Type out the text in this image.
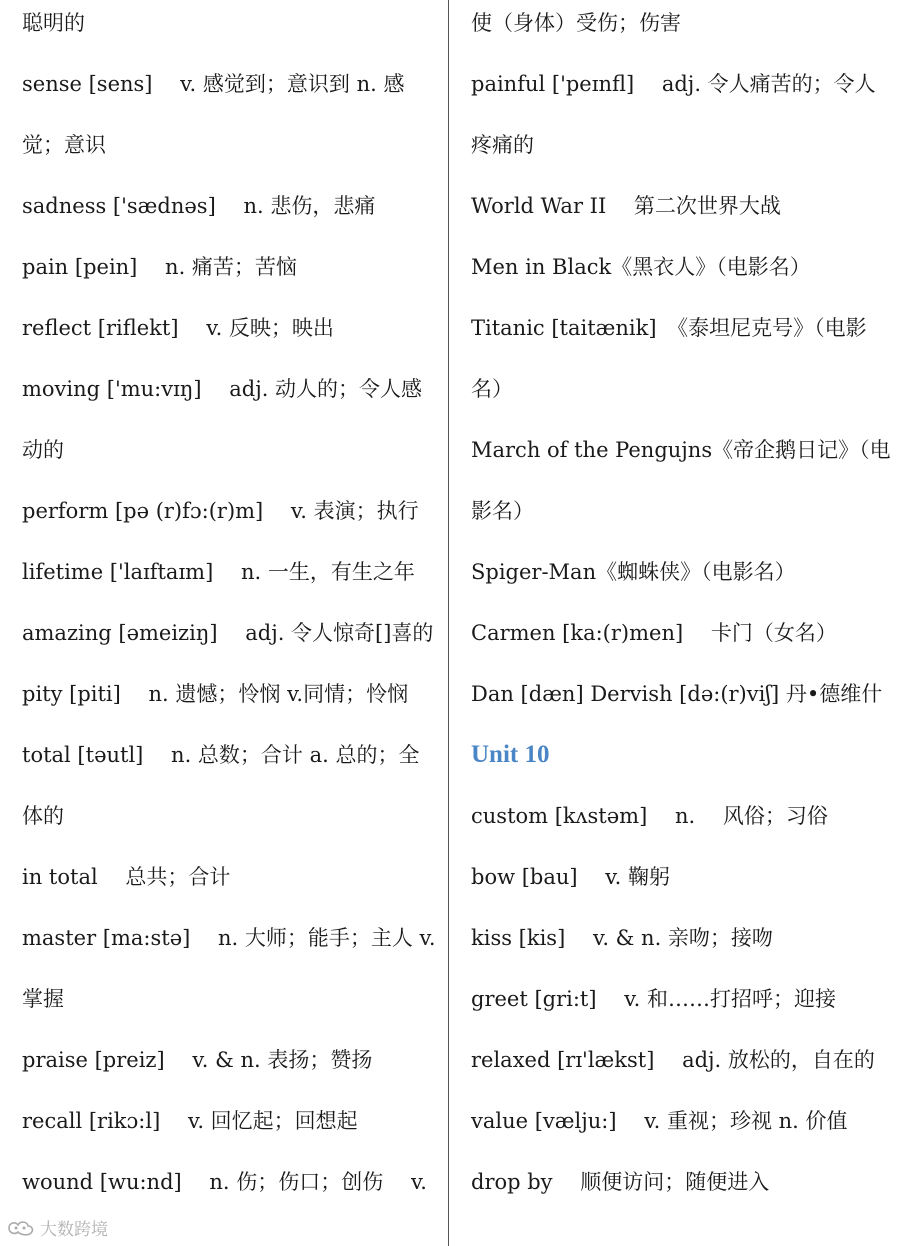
聪明的
sense [sens]　 v. 感觉到；意识到 n. 感
觉；意识
sadness ['sædnəs]　 n. 悲伤，悲痛
pain [pein]　 n. 痛苦；苦恼
reflect [riflekt]　 v. 反映；映出
moving ['mu:vɪŋ]　 adj. 动人的；令人感
动的
perform [pə (r)fɔ:(r)m]　 v. 表演；执行
lifetime ['laɪftaɪm]　 n. 一生，有生之年
amazing [əmeiziŋ]　 adj. 令人惊奇[]喜的
pity [piti]　 n. 遗憾；怜悯 v.同情；怜悯
total [təutl]　 n. 总数；合计 a. 总的；全
体的
in total　 总共；合计
master [ma:stə]　 n. 大师；能手；主人 v.
掌握
praise [preiz]　 v. & n. 表扬；赞扬
recall [rikɔ:l]　 v. 回忆起；回想起
wound [wu:nd]　 n. 伤；伤口；创伤　 v.
使（身体）受伤；伤害
painful ['peɪnfl]　 adj. 令人痛苦的；令人
疼痛的
World War II　 第二次世界大战
Men in Black《黑衣人》（电影名）
Titanic [taitænik]　《泰坦尼克号》（电影
名）
March of the Pengujns《帝企鹅日记》（电
影名）
Spiger-Man《蜘蛛侠》（电影名）
Carmen [ka:(r)men]　 卡门（女名）
Dan [dæn] Dervish [də:(r)viʃ] 丹•德维什
Unit 10
custom [kʌstəm]　 n.　 风俗；习俗
bow [bau]　 v. 鞠躬
kiss [kis]　 v. & n. 亲吻；接吻
greet [gri:t]　 v. 和……打招呼；迎接
relaxed [rɪ'lækst]　 adj. 放松的，自在的
value [vælju:]　 v. 重视；珍视 n. 价值
drop by　 顺便访问；随便进入
大数跨境
